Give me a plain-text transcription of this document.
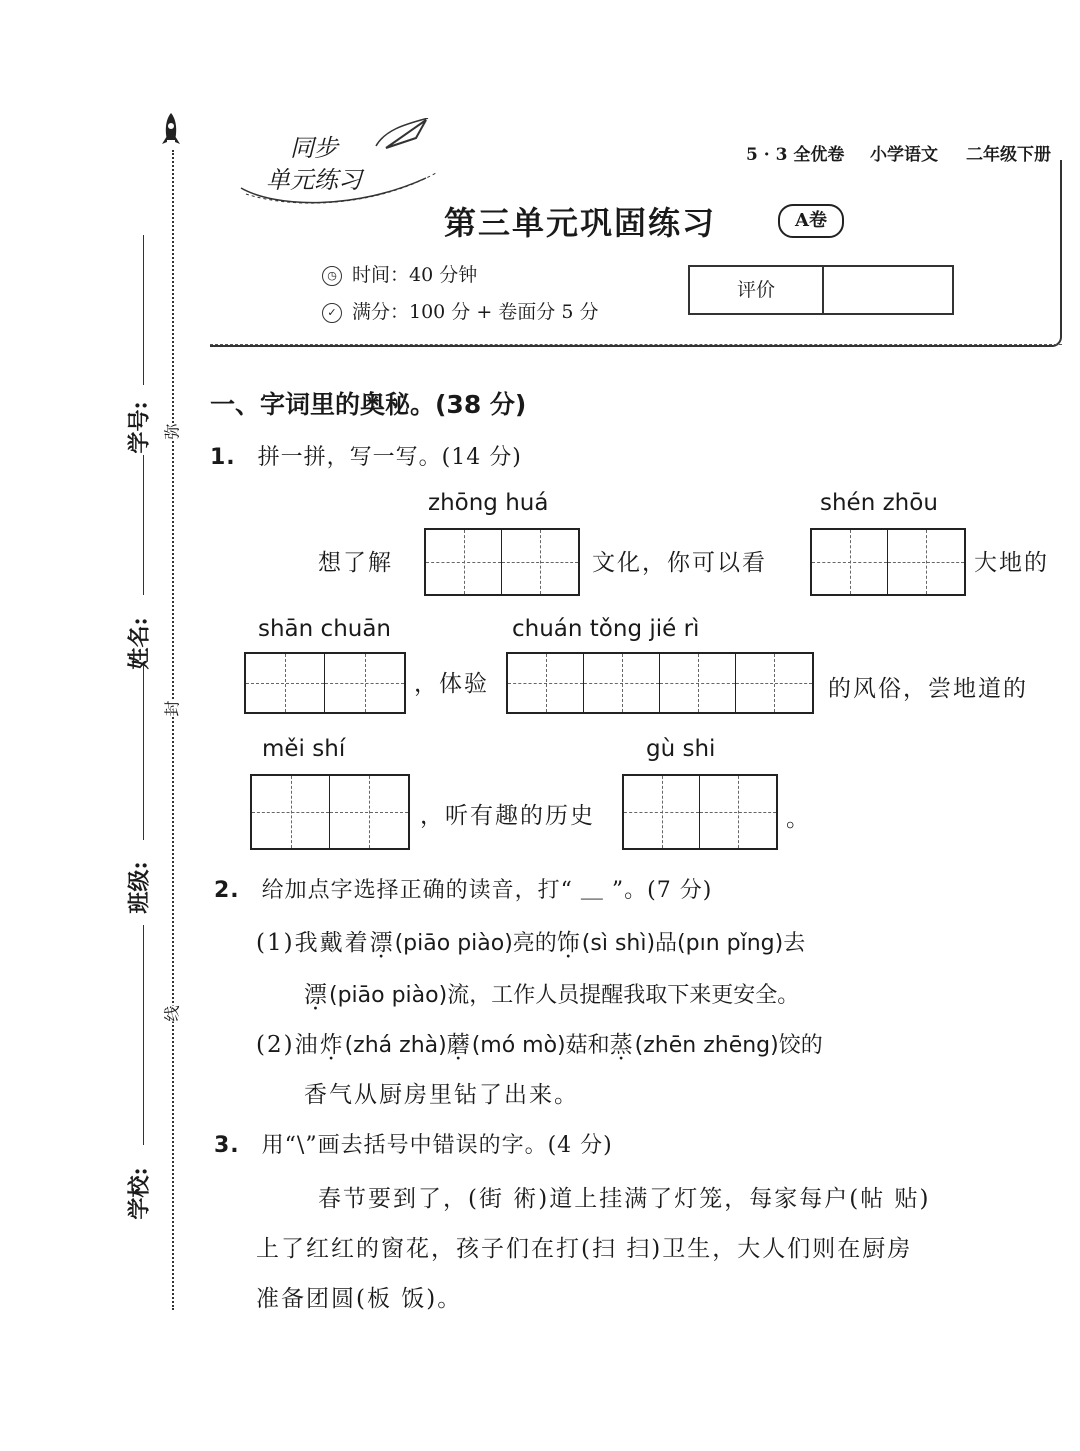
学号:
姓名:
班级:
学校:
弥
封
线
同步
单元练习
5 · 3 全优卷 小学语文 二年级下册
第三单元巩固练习	A卷
◷ 时间：40 分钟
✓ 满分：100 分 + 卷面分 5 分
评价
一、字词里的奥秘。(38 分)
1. 拼一拼，写一写。(14 分)
zhōng huá	shén zhōu
想了解	文化，你可以看	大地的
shān chuān	chuán tǒng jié rì
，体验	的风俗，尝地道的
měi shí	gù shi
，听有趣的历史	。
2. 给加点字选择正确的读音，打“ ＿ ”。(7 分)
(1)我戴着漂(piāo piào)亮的饰(sì shì)品(pın pǐng)去
漂(piāo piào)流，工作人员提醒我取下来更安全。
(2)油炸(zhá zhà)蘑(mó mò)菇和蒸(zhēn zhēng)饺的
香气从厨房里钻了出来。
3. 用“\”画去括号中错误的字。(4 分)
春节要到了，(街 術)道上挂满了灯笼，每家每户(帖 贴)
上了红红的窗花，孩子们在打(扫 扫)卫生，大人们则在厨房
准备团圆(板 饭)。
